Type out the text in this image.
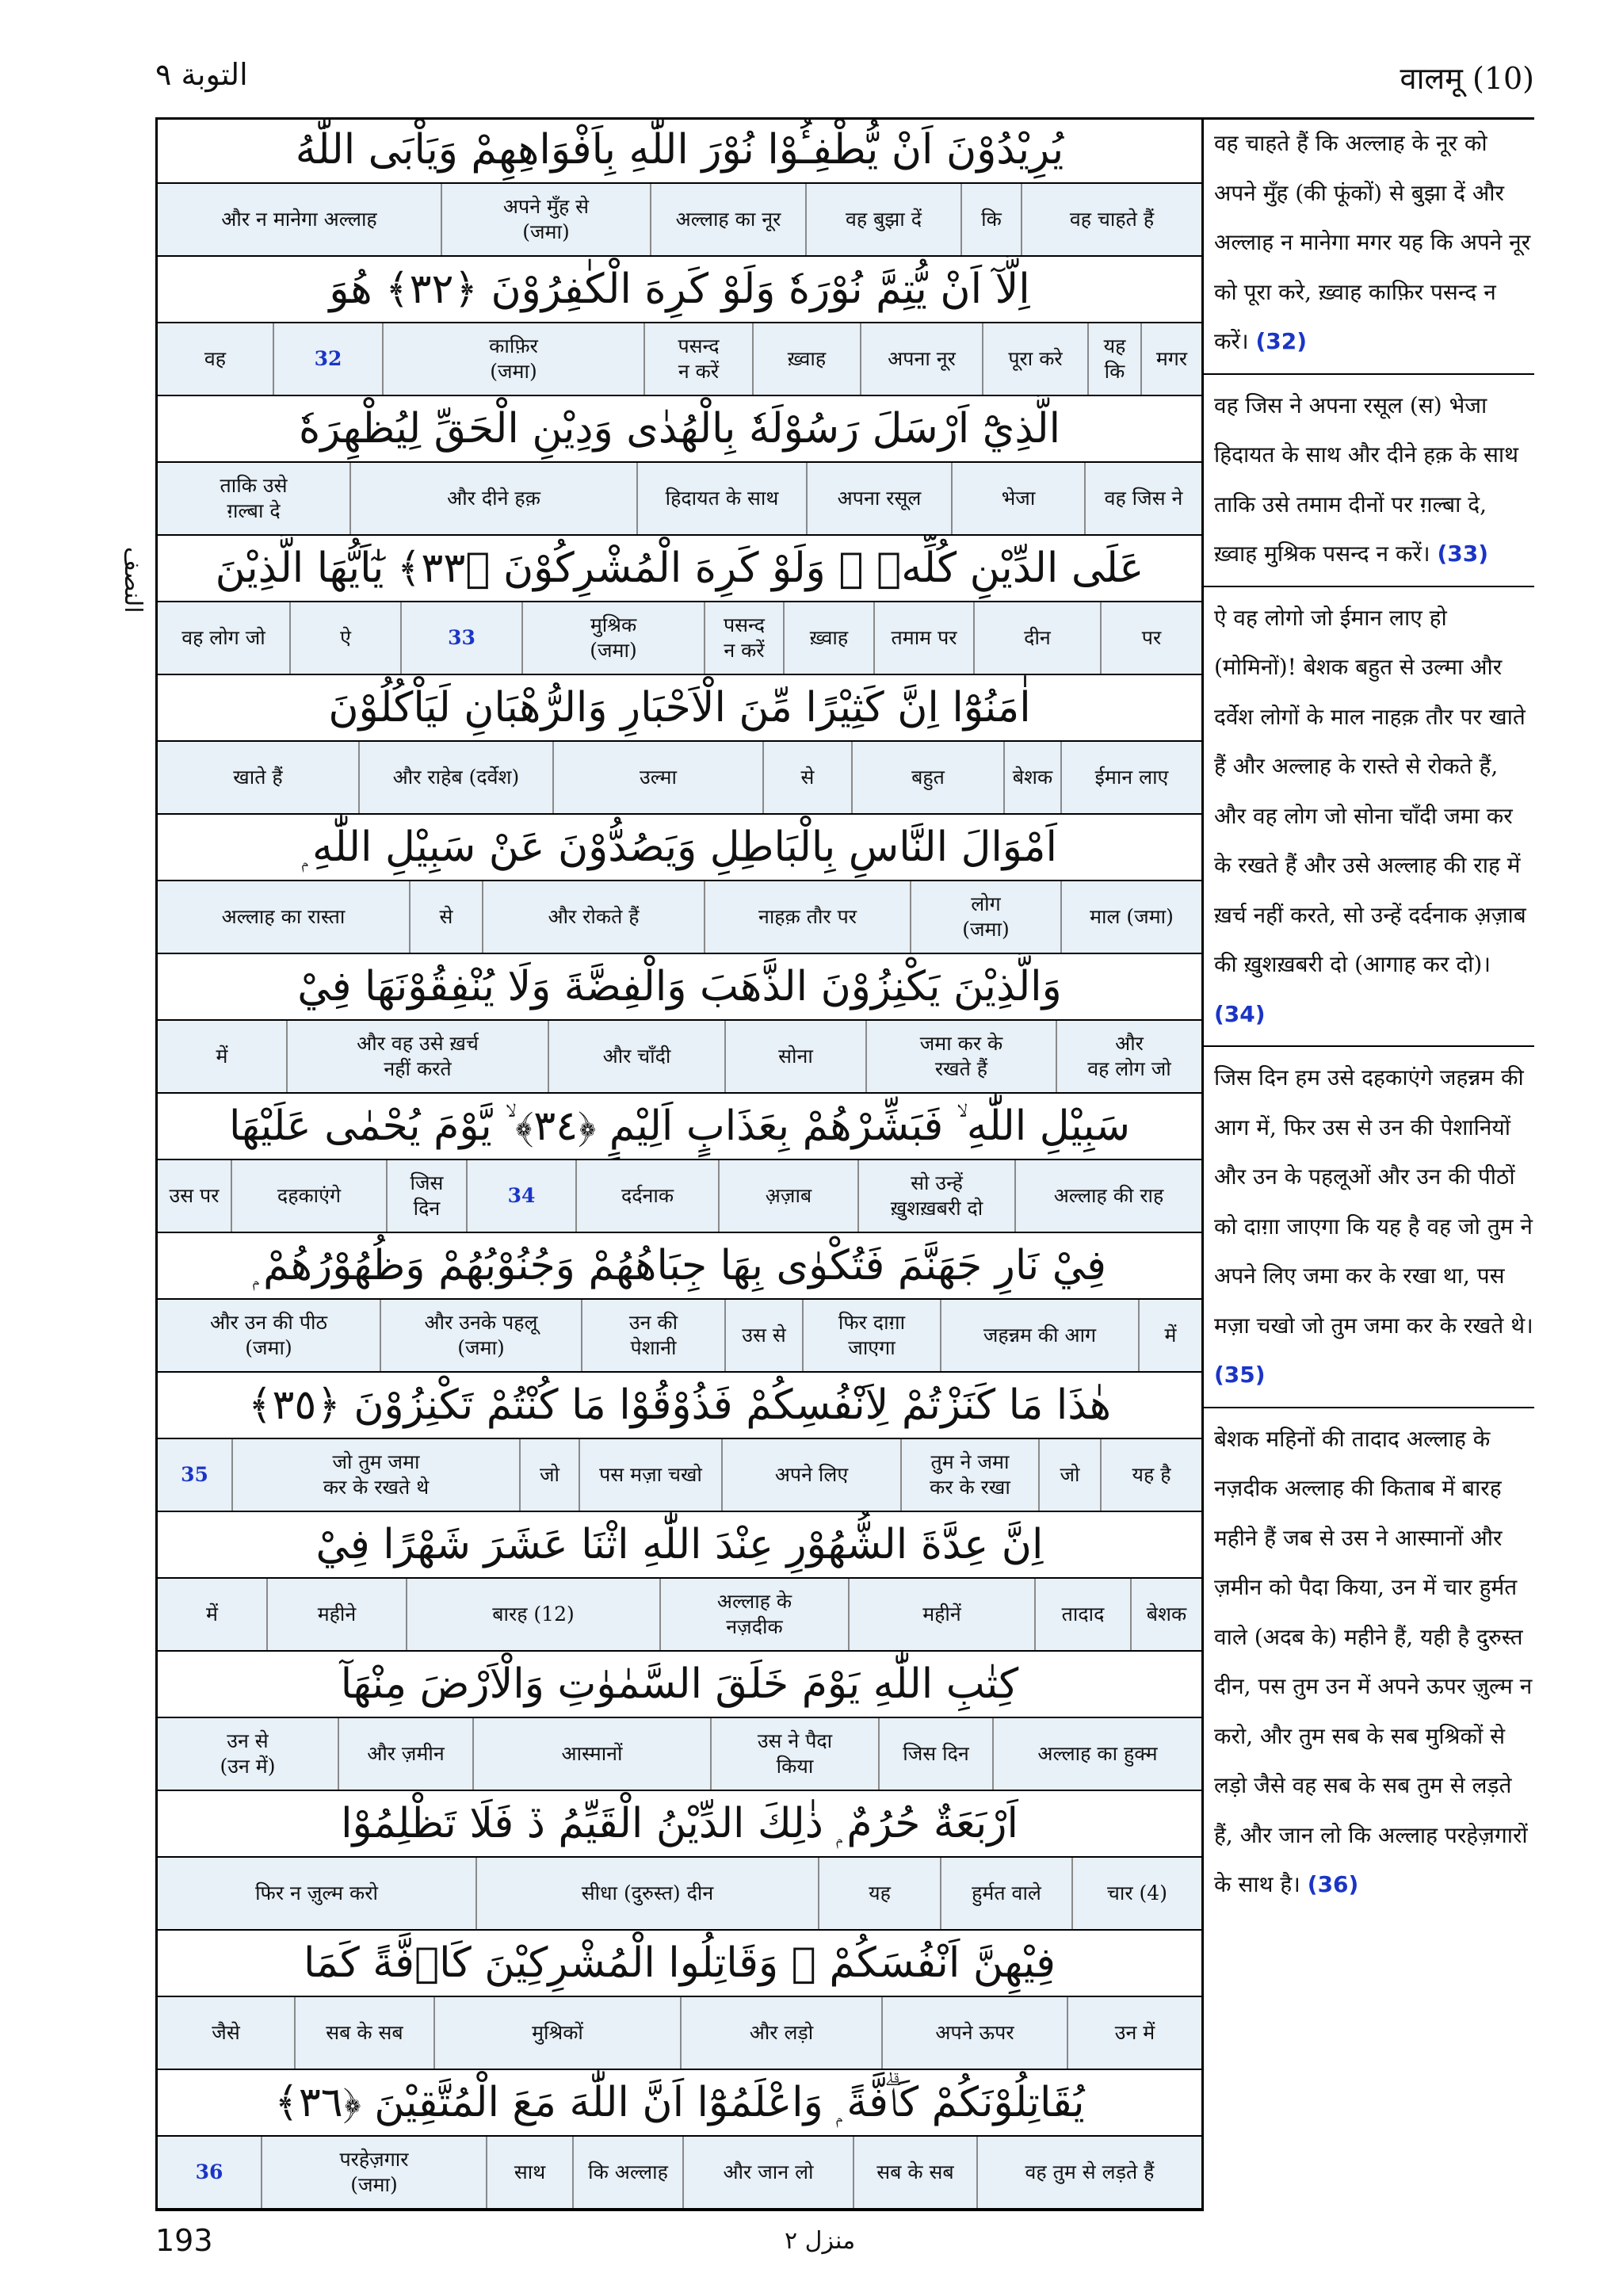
التوبة ٩	वालमू (10)
النصف
يُرِيْدُوْنَ اَنْ يُّطْفِـُٔوْا نُوْرَ اللّٰهِ بِاَفْوَاهِهِمْ وَيَاْبَى اللّٰهُ
वह चाहते हैं
कि
वह बुझा दें
अल्लाह का नूर
अपने मुँह से
(जमा)
और न मानेगा अल्लाह
اِلَّآ اَنْ يُّتِمَّ نُوْرَهٗ وَلَوْ كَرِهَ الْكٰفِرُوْنَ ﴿٣٢﴾ هُوَ
मगर
यह
कि
पूरा करे
अपना नूर
ख़्वाह
पसन्द
न करें
काफ़िर
(जमा)
32
वह
الَّذِيْٓ اَرْسَلَ رَسُوْلَهٗ بِالْهُدٰى وَدِيْنِ الْحَقِّ لِيُظْهِرَهٗ
वह जिस ने
भेजा
अपना रसूल
हिदायत के साथ
और दीने हक़
ताकि उसे
ग़ल्बा दे
عَلَى الدِّيْنِ كُلِّهٖ ۙ وَلَوْ كَرِهَ الْمُشْرِكُوْنَ ﴿٣٣﴾ يٰٓاَيُّهَا الَّذِيْنَ
पर
दीन
तमाम पर
ख़्वाह
पसन्द
न करें
मुश्रिक
(जमा)
33
ऐ
वह लोग जो
اٰمَنُوْٓا اِنَّ كَثِيْرًا مِّنَ الْاَحْبَارِ وَالرُّهْبَانِ لَيَاْكُلُوْنَ
ईमान लाए
बेशक
बहुत
से
उल्मा
और राहेब (दर्वेश)
खाते हैं
اَمْوَالَ النَّاسِ بِالْبَاطِلِ وَيَصُدُّوْنَ عَنْ سَبِيْلِ اللّٰهِ ۭ
माल (जमा)
लोग
(जमा)
नाहक़ तौर पर
और रोकते हैं
से
अल्लाह का रास्ता
وَالَّذِيْنَ يَكْنِزُوْنَ الذَّهَبَ وَالْفِضَّةَ وَلَا يُنْفِقُوْنَهَا فِيْ
और
वह लोग जो
जमा कर के
रखते हैं
सोना
और चाँदी
और वह उसे ख़र्च
नहीं करते
में
سَبِيْلِ اللّٰهِ ۙ فَبَشِّرْهُمْ بِعَذَابٍ اَلِيْمٍ ﴿٣٤﴾ ۙ يَّوْمَ يُحْمٰى عَلَيْهَا
अल्लाह की राह
सो उन्हें
ख़ुशख़बरी दो
अ़ज़ाब
दर्दनाक
34
जिस
दिन
दहकाएंगे
उस पर
فِيْ نَارِ جَهَنَّمَ فَتُكْوٰى بِهَا جِبَاهُهُمْ وَجُنُوْبُهُمْ وَظُهُوْرُهُمْ ۭ
में
जहन्नम की आग
फिर दाग़ा
जाएगा
उस से
उन की
पेशानी
और उनके पहलू
(जमा)
और उन की पीठ
(जमा)
هٰذَا مَا كَنَزْتُمْ لِاَنْفُسِكُمْ فَذُوْقُوْا مَا كُنْتُمْ تَكْنِزُوْنَ ﴿٣٥﴾
यह है
जो
तुम ने जमा
कर के रखा
अपने लिए
पस मज़ा चखो
जो
जो तुम जमा
कर के रखते थे
35
اِنَّ عِدَّةَ الشُّهُوْرِ عِنْدَ اللّٰهِ اثْنَا عَشَرَ شَهْرًا فِيْ
बेशक
तादाद
महीनें
अल्लाह के
नज़दीक
बारह (12)
महीने
में
كِتٰبِ اللّٰهِ يَوْمَ خَلَقَ السَّمٰوٰتِ وَالْاَرْضَ مِنْهَآ
अल्लाह का हुक्म
जिस दिन
उस ने पैदा
किया
आस्मानों
और ज़मीन
उन से
(उन में)
اَرْبَعَةٌ حُرُمٌ ۭ ذٰلِكَ الدِّيْنُ الْقَيِّمُ ڏ فَلَا تَظْلِمُوْا
चार (4)
हुर्मत वाले
यह
सीधा (दुरुस्त) दीन
फिर न ज़ुल्म करो
فِيْهِنَّ اَنْفُسَكُمْ ۣ وَقَاتِلُوا الْمُشْرِكِيْنَ كَاۗفَّةً كَمَا
उन में
अपने ऊपर
और लड़ो
मुश्रिकों
सब के सब
जैसे
يُقَاتِلُوْنَكُمْ كَاۗفَّةً ۭ وَاعْلَمُوْٓا اَنَّ اللّٰهَ مَعَ الْمُتَّقِيْنَ ﴿٣٦﴾
वह तुम से लड़ते हैं
सब के सब
और जान लो
कि अल्लाह
साथ
परहेज़गार
(जमा)
36

वह चाहते हैं कि अल्लाह के नूर को अपने मुँह (की फूंकों) से बुझा दें और अल्लाह न मानेगा मगर यह कि अपने नूर को पूरा करे, ख़्वाह काफ़िर पसन्द न करें। (32)

वह जिस ने अपना रसूल (स) भेजा हिदायत के साथ और दीने हक़ के साथ ताकि उसे तमाम दीनों पर ग़ल्बा दे, ख़्वाह मुश्रिक पसन्द न करें। (33)

ऐ वह लोगो जो ईमान लाए हो (मोमिनों)! बेशक बहुत से उल्मा और दर्वेश लोगों के माल नाहक़ तौर पर खाते हैं और अल्लाह के रास्ते से रोकते हैं, और वह लोग जो सोना चाँदी जमा कर के रखते हैं और उसे अल्लाह की राह में ख़र्च नहीं करते, सो उन्हें दर्दनाक अ़ज़ाब की ख़ुशख़बरी दो (आगाह कर दो)। (34)

जिस दिन हम उसे दहकाएंगे जहन्नम की आग में, फिर उस से उन की पेशानियों और उन के पहलूओं और उन की पीठों को दाग़ा जाएगा कि यह है वह जो तुम ने अपने लिए जमा कर के रखा था, पस मज़ा चखो जो तुम जमा कर के रखते थे। (35)

बेशक महिनों की तादाद अल्लाह के नज़दीक अल्लाह की किताब में बारह महीने हैं जब से उस ने आस्मानों और ज़मीन को पैदा किया, उन में चार हुर्मत वाले (अदब के) महीने हैं, यही है दुरुस्त दीन, पस तुम उन में अपने ऊपर ज़ुल्म न करो, और तुम सब के सब मुश्रिकों से लड़ो जैसे वह सब के सब तुम से लड़ते हैं, और जान लो कि अल्लाह परहेज़गारों के साथ है। (36)

193	منزل ٢
